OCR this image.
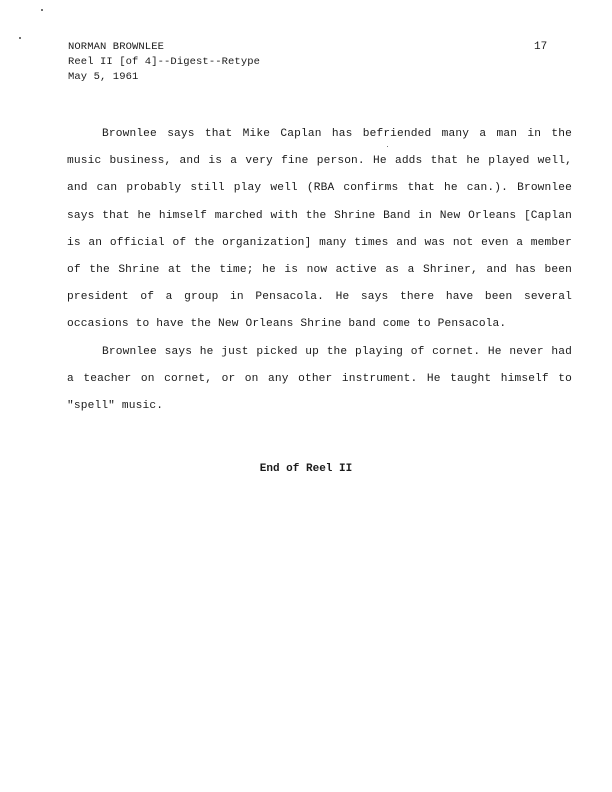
NORMAN BROWNLEE
Reel II [of 4]--Digest--Retype
May 5, 1961
17

Brownlee says that Mike Caplan has befriended many a man in the music business, and is a very fine person. He adds that he played well, and can probably still play well (RBA confirms that he can.). Brownlee says that he himself marched with the Shrine Band in New Orleans [Caplan is an official of the organization] many times and was not even a member of the Shrine at the time; he is now active as a Shriner, and has been president of a group in Pensacola. He says there have been several occasions to have the New Orleans Shrine band come to Pensacola.

Brownlee says he just picked up the playing of cornet. He never had a teacher on cornet, or on any other instrument. He taught himself to "spell" music.

End of Reel II
